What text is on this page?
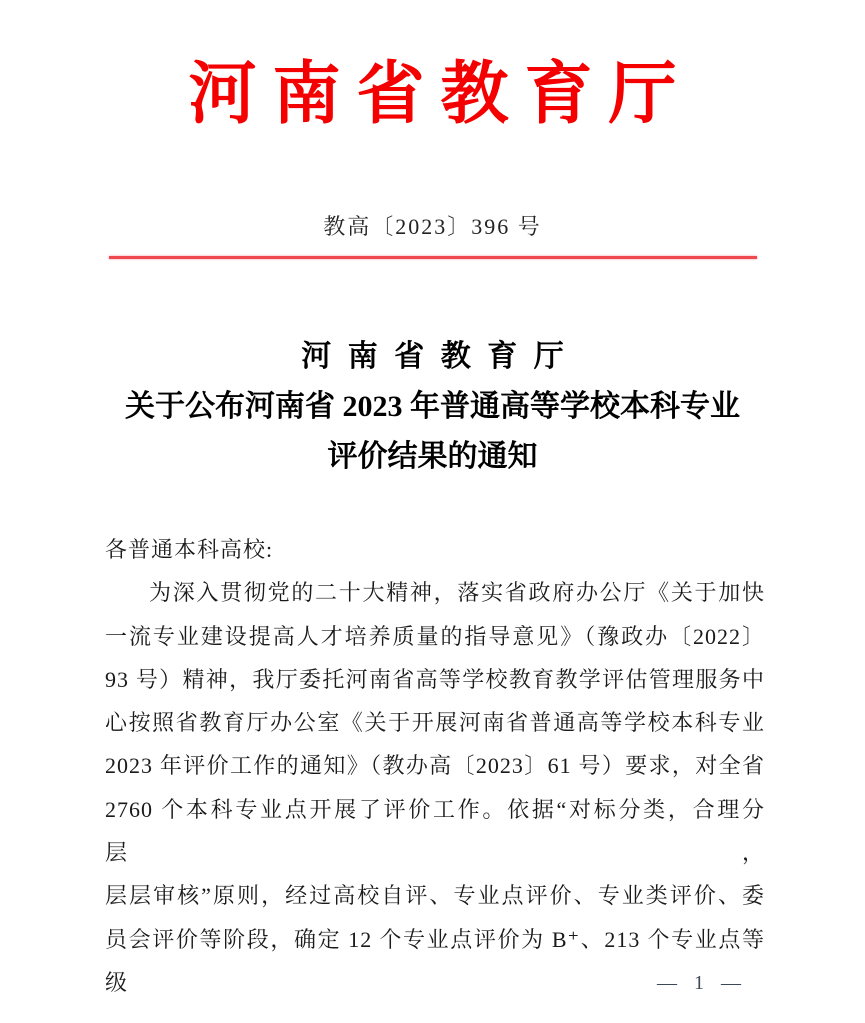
河南省教育厅
教高〔2023〕396 号
河南省教育厅
关于公布河南省 2023 年普通高等学校本科专业
评价结果的通知
各普通本科高校:
为深入贯彻党的二十大精神，落实省政府办公厅《关于加快
一流专业建设提高人才培养质量的指导意见》（豫政办〔2022〕
93 号）精神，我厅委托河南省高等学校教育教学评估管理服务中
心按照省教育厅办公室《关于开展河南省普通高等学校本科专业
2023 年评价工作的通知》（教办高〔2023〕61 号）要求，对全省
2760 个本科专业点开展了评价工作。依据“对标分类，合理分层，
层层审核”原则，经过高校自评、专业点评价、专业类评价、委
员会评价等阶段，确定 12 个专业点评价为 B⁺、213 个专业点等级	— 1 —
